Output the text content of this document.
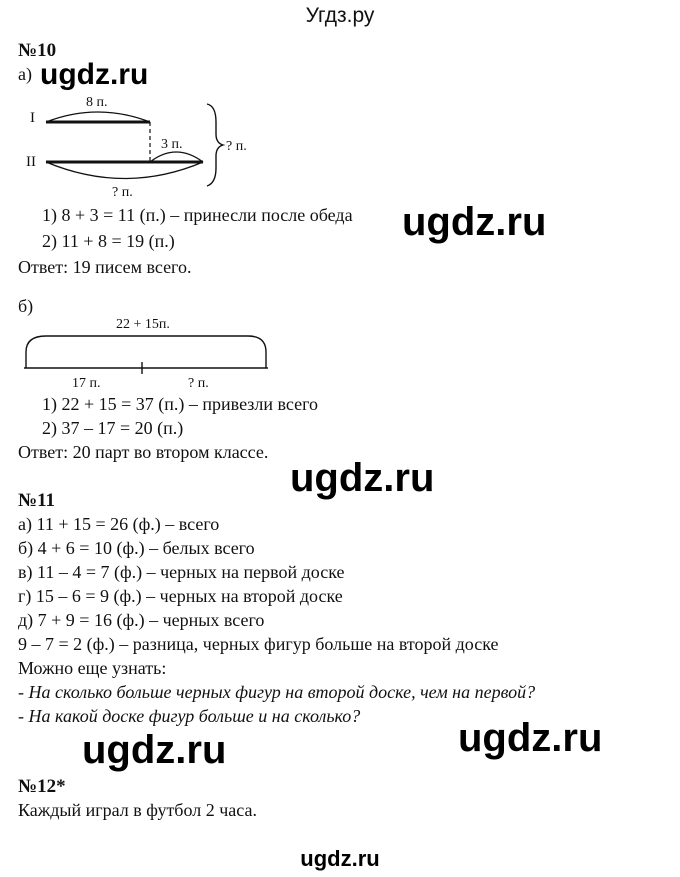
Угдз.ру
№10
а) ugdz.ru
I
8 п.
II
3 п.
? п.
? п.
22 + 15п.
17 п.	? п.
1) 8 + 3 = 11 (п.) – принесли после обеда ugdz.ru
2) 11 + 8 = 19 (п.)
Ответ: 19 писем всего.
б)
1) 22 + 15 = 37 (п.) – привезли всего
2) 37 – 17 = 20 (п.)
Ответ: 20 парт во втором классе.
ugdz.ru
№11
а) 11 + 15 = 26 (ф.) – всего
б) 4 + 6 = 10 (ф.) – белых всего
в) 11 – 4 = 7 (ф.) – черных на первой доске
г) 15 – 6 = 9 (ф.) – черных на второй доске
д) 7 + 9 = 16 (ф.) – черных всего
9 – 7 = 2 (ф.) – разница, черных фигур больше на второй доске
Можно еще узнать:
- На сколько больше черных фигур на второй доске, чем на первой?
- На какой доске фигур больше и на сколько?
ugdz.ru	ugdz.ru
№12*
Каждый играл в футбол 2 часа.
ugdz.ru
